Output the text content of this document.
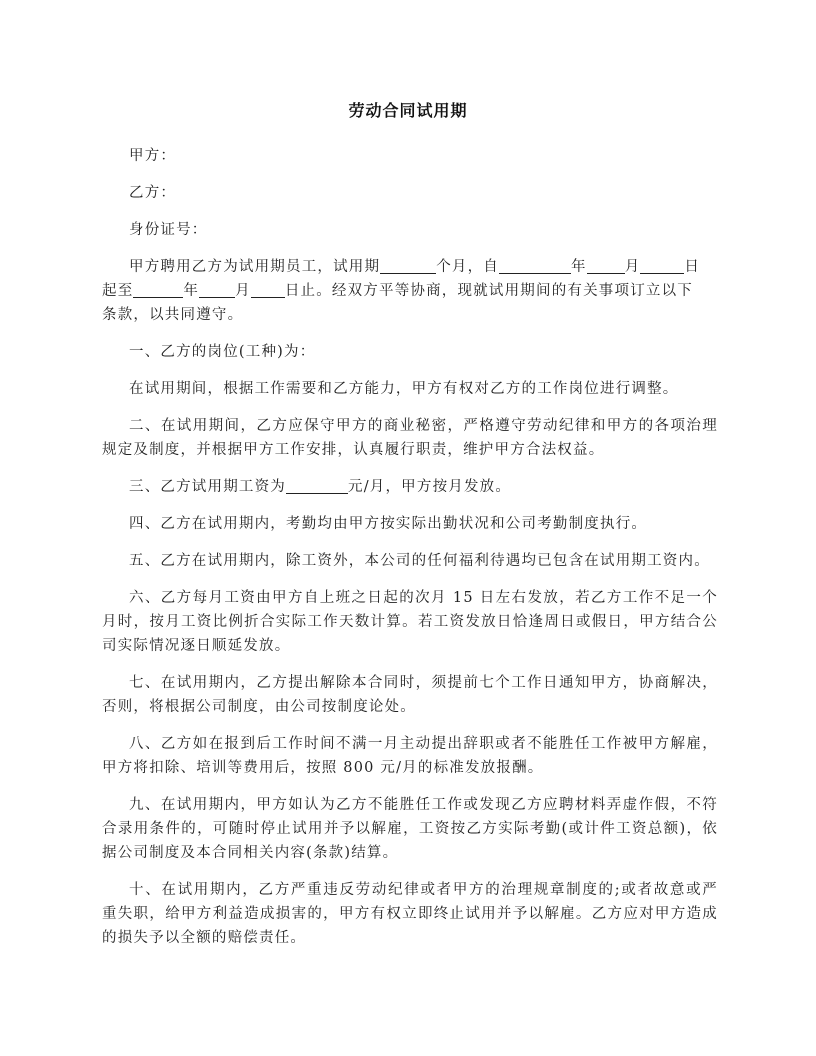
劳动合同试用期
甲方：
乙方：
身份证号：
甲方聘用乙方为试用期员工，试用期	个月，自	年	月	日
起至	年 月 日止。经双方平等协商，现就试用期间的有关事项订立以下
条款，以共同遵守。
一、乙方的岗位(工种)为：
在试用期间，根据工作需要和乙方能力，甲方有权对乙方的工作岗位进行调整。
二、在试用期间，乙方应保守甲方的商业秘密，严格遵守劳动纪律和甲方的各项治理
规定及制度，并根据甲方工作安排，认真履行职责，维护甲方合法权益。
三、乙方试用期工资为	元/月，甲方按月发放。
四、乙方在试用期内，考勤均由甲方按实际出勤状况和公司考勤制度执行。
五、乙方在试用期内，除工资外，本公司的任何福利待遇均已包含在试用期工资内。
六、乙方每月工资由甲方自上班之日起的次月 15 日左右发放，若乙方工作不足一个
月时，按月工资比例折合实际工作天数计算。若工资发放日恰逢周日或假日，甲方结合公
司实际情况逐日顺延发放。
七、在试用期内，乙方提出解除本合同时，须提前七个工作日通知甲方，协商解决，
否则，将根据公司制度，由公司按制度论处。
八、乙方如在报到后工作时间不满一月主动提出辞职或者不能胜任工作被甲方解雇，
甲方将扣除、培训等费用后，按照 800 元/月的标准发放报酬。
九、在试用期内，甲方如认为乙方不能胜任工作或发现乙方应聘材料弄虚作假，不符
合录用条件的，可随时停止试用并予以解雇，工资按乙方实际考勤(或计件工资总额)，依
据公司制度及本合同相关内容(条款)结算。
十、在试用期内，乙方严重违反劳动纪律或者甲方的治理规章制度的;或者故意或严
重失职，给甲方利益造成损害的，甲方有权立即终止试用并予以解雇。乙方应对甲方造成
的损失予以全额的赔偿责任。
